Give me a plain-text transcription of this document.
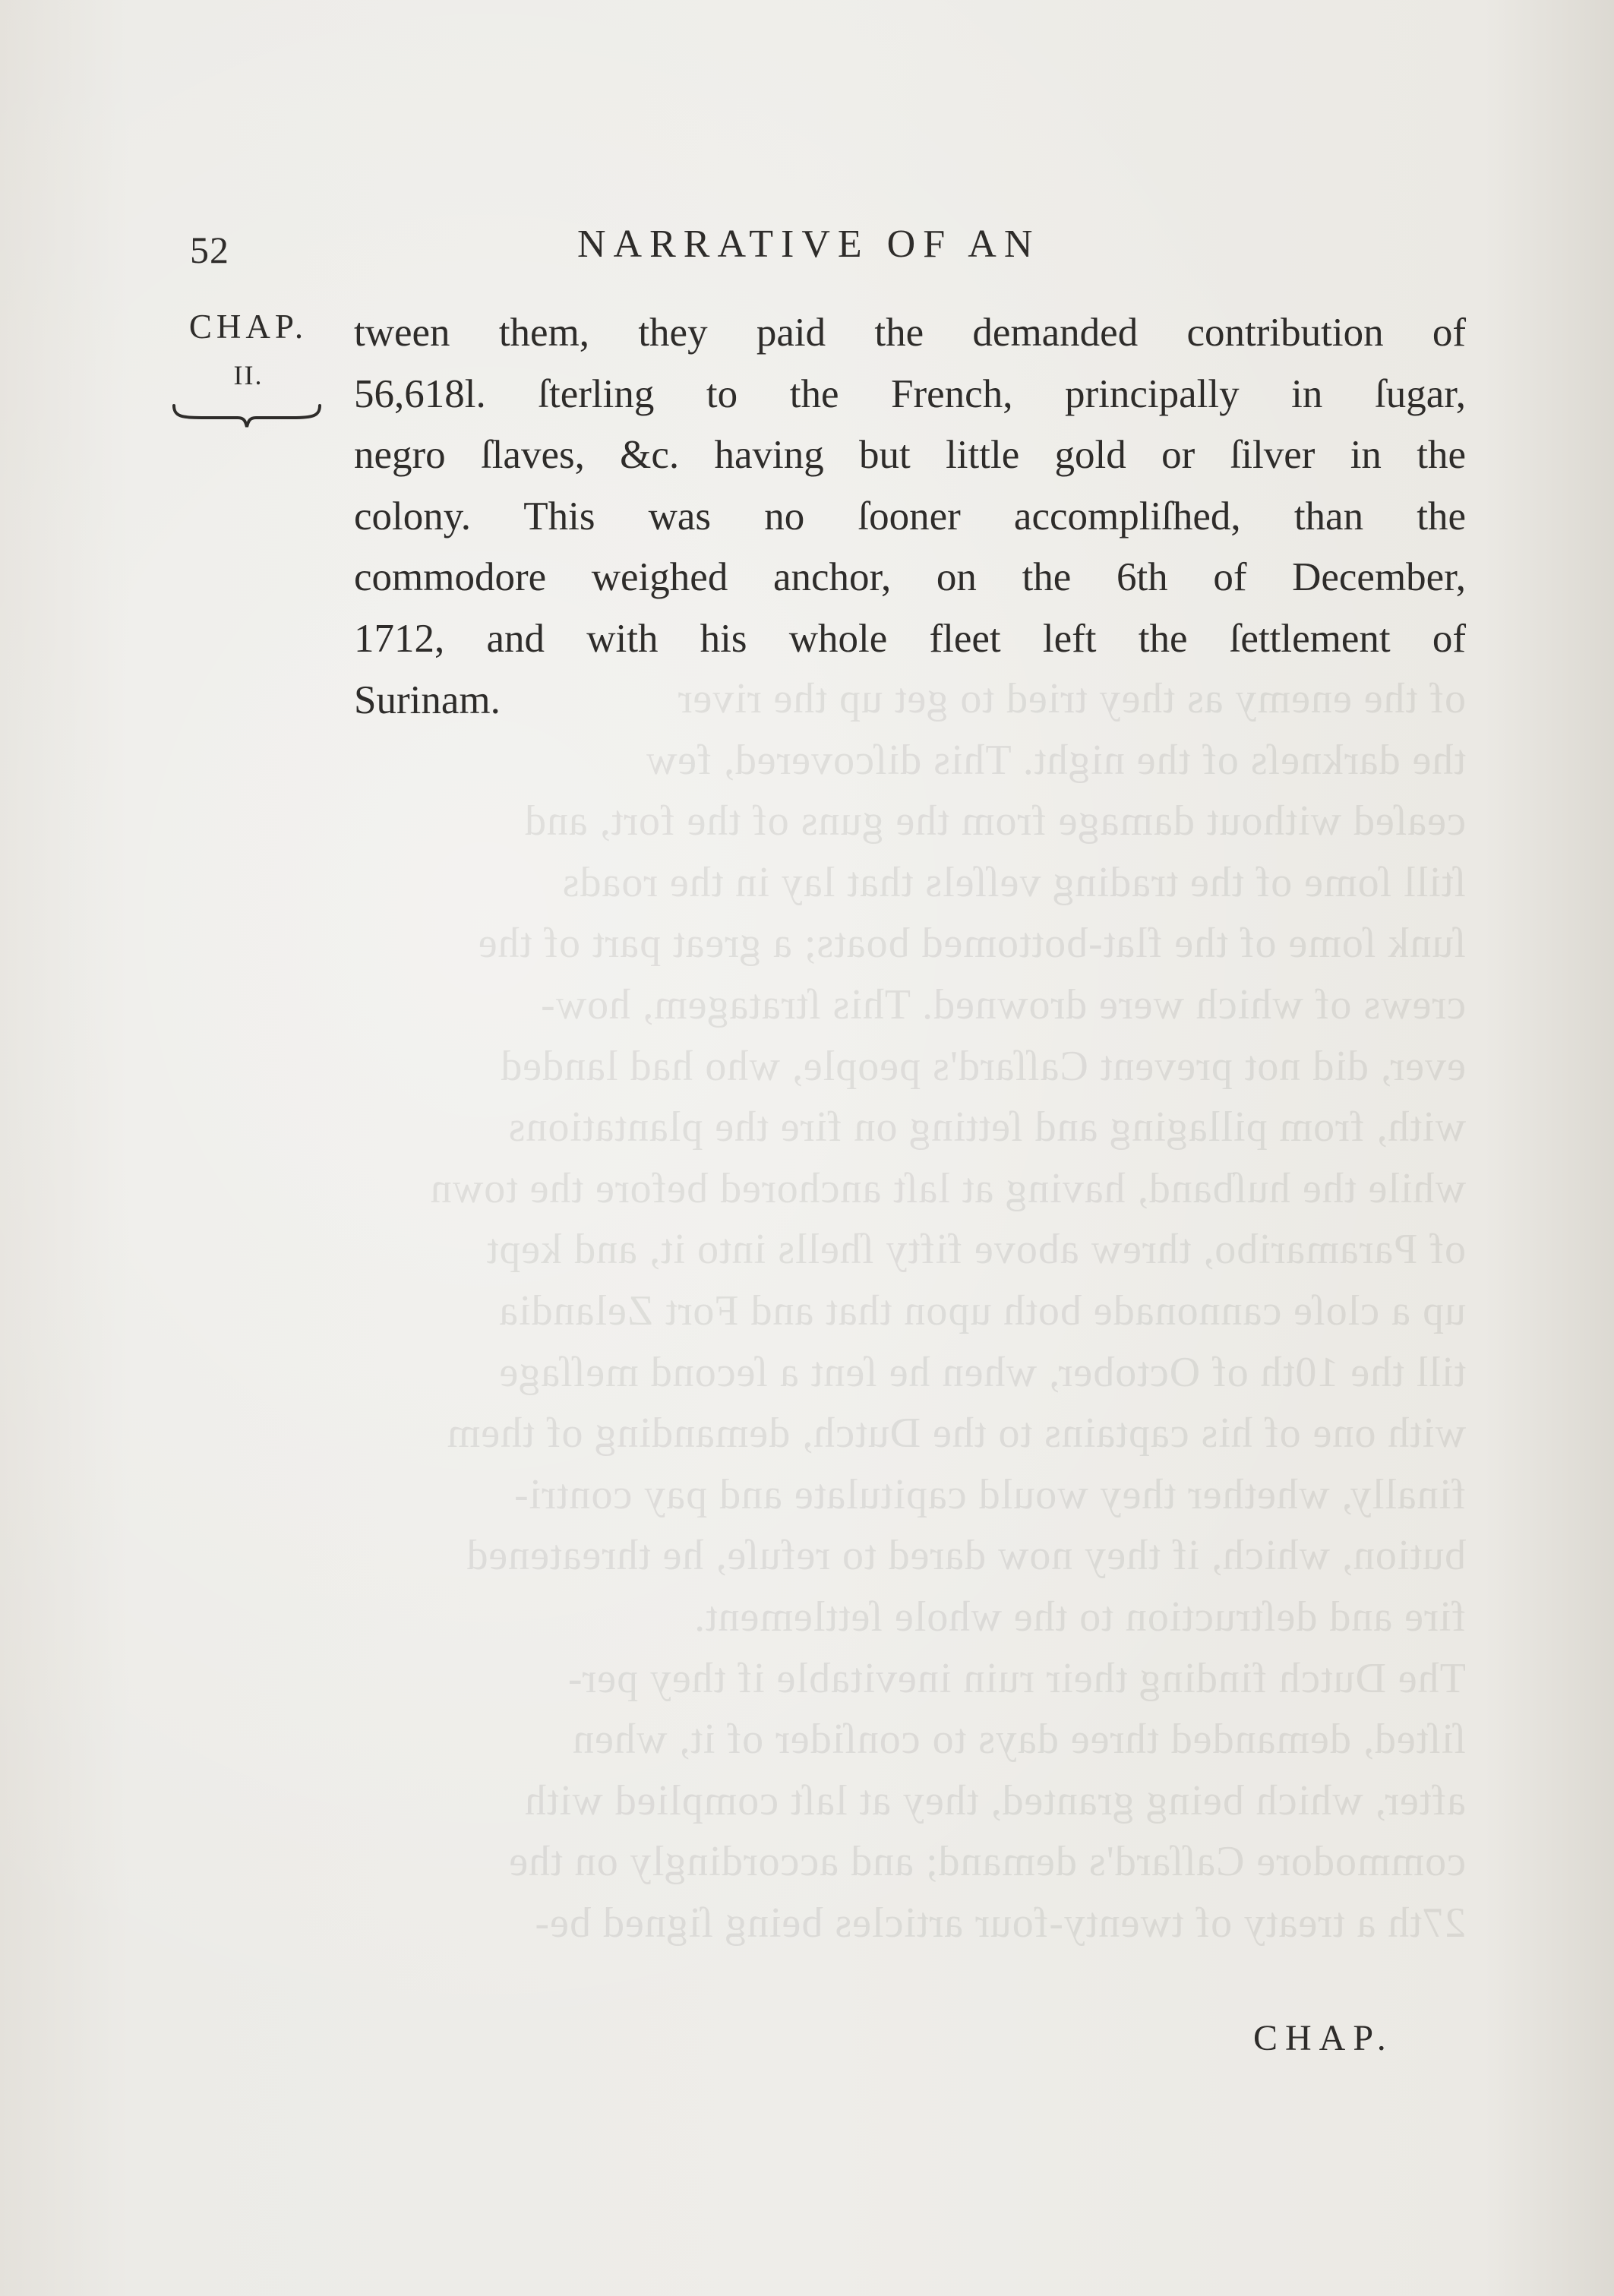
of the enemy as they tried to get up the river
the darkneſs of the night. This diſcovered, few
ceaſed without damage from the guns of the fort, and
ſtill ſome of the trading veſſels that lay in the roads
ſunk ſome of the flat-bottomed boats; a great part of the
crews of which were drowned. This ſtratagem, how-
ever, did not prevent Caſſard's people, who had landed
with, from pillaging and ſetting on fire the plantations
while the huſband, having at laſt anchored before the town
of Paramaribo, threw above fifty ſhells into it, and kept
up a cloſe cannonade both upon that and Fort Zelandia
till the 10th of October, when he ſent a ſecond meſſage
with one of his captains to the Dutch, demanding of them
finally, whether they would capitulate and pay contri-
bution, which, if they now dared to refuſe, he threatened
fire and deſtruction to the whole ſettlement.
The Dutch finding their ruin inevitable if they per-
ſiſted, demanded three days to conſider of it, when
after, which being granted, they at laſt complied with
commodore Caſſard's demand; and accordingly on the
27th a treaty of twenty-four articles being ſigned be-
52	NARRATIVE OF AN
CHAP.
II.
tween them, they paid the demanded contribution of
56,618l. ſterling to the French, principally in ſugar,
negro ſlaves, &c. having but little gold or ſilver in the
colony. This was no ſooner accompliſhed, than the
commodore weighed anchor, on the 6th of December,
1712, and with his whole fleet left the ſettlement of
Surinam.
CHAP.
